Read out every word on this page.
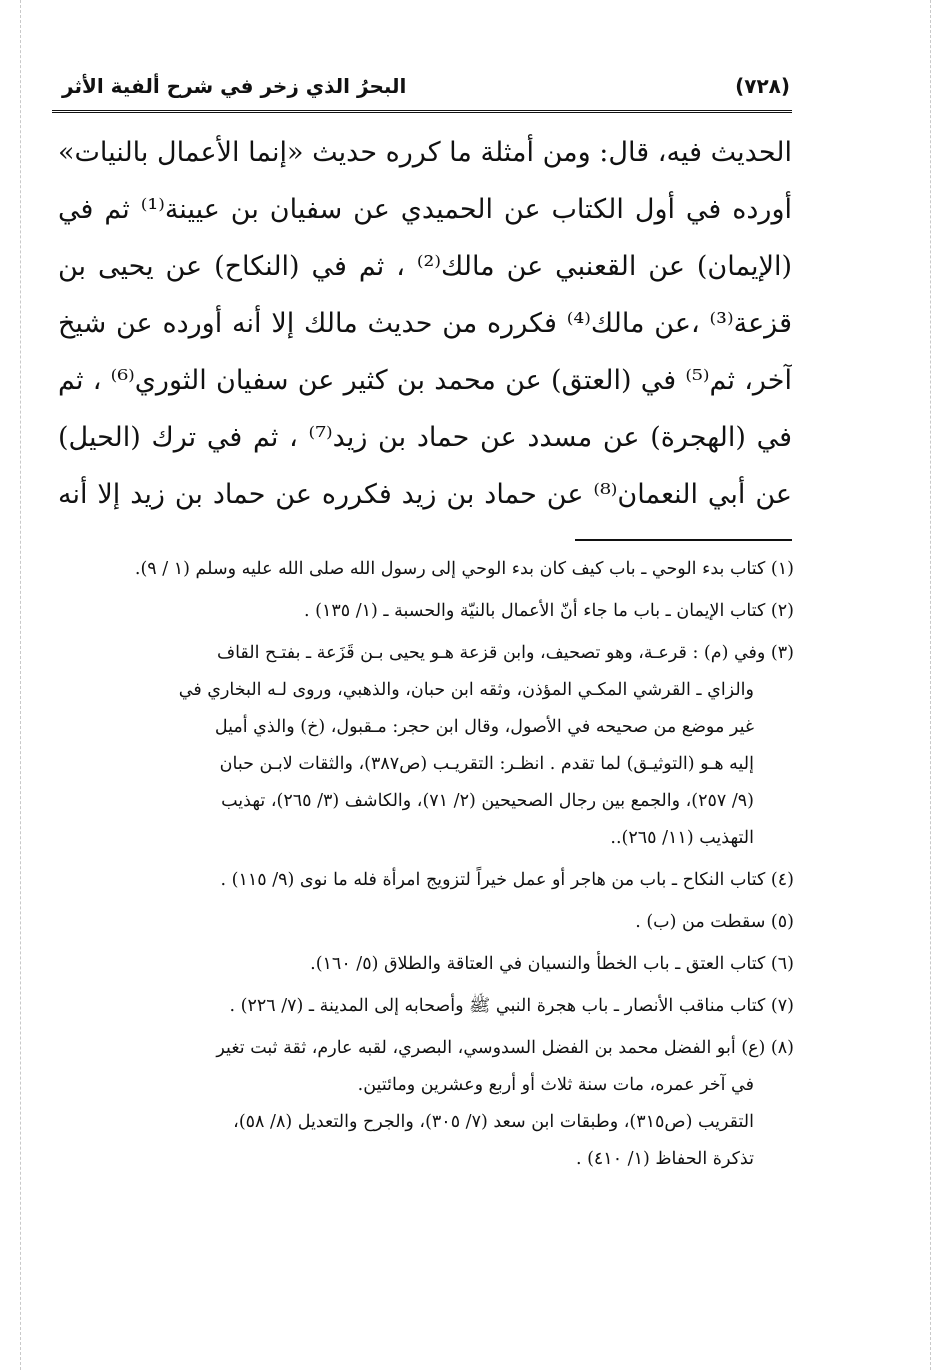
(٧٢٨)
البحرُ الذي زخر في شرح ألفية الأثر
الحديث فيه، قال: ومن أمثلة ما كرره حديث «إنما الأعمال بالنيات»
أورده في أول الكتاب عن الحميدي عن سفيان بن عيينة⁽¹⁾ ثم في
(الإيمان) عن القعنبي عن مالك⁽²⁾ ، ثم في (النكاح) عن يحيى بن
قزعة⁽³⁾ ،عن مالك⁽⁴⁾ فكرره من حديث مالك إلا أنه أورده عن شيخ
آخر، ثم⁽⁵⁾ في (العتق) عن محمد بن كثير عن سفيان الثوري⁽⁶⁾ ، ثم
في (الهجرة) عن مسدد عن حماد بن زيد⁽⁷⁾ ، ثم في ترك (الحيل)
عن أبي النعمان⁽⁸⁾ عن حماد بن زيد فكرره عن حماد بن زيد إلا أنه
(١) كتاب بدء الوحي ـ باب كيف كان بدء الوحي إلى رسول الله صلى الله عليه وسلم (١ / ٩).
(٢) كتاب الإيمان ـ باب ما جاء أنّ الأعمال بالنيّة والحسبة ـ (١/ ١٣٥) .
(٣) وفي (م) : قرعـة، وهو تصحيف، وابن قزعة هـو يحيى بـن قَزَعة ـ بفتـح القاف
والزاي ـ القرشي المكـي المؤذن، وثقه ابن حبان، والذهبي، وروى لـه البخاري في
غير موضع من صحيحه في الأصول، وقال ابن حجر: مـقبول، (خ) والذي أميل
إليه هـو (التوثيـق) لما تقدم . انظـر: التقريـب (ص٣٨٧)، والثقات لابـن حبان
(٩/ ٢٥٧)، والجمع بين رجال الصحيحين (٢/ ٧١)، والكاشف (٣/ ٢٦٥)، تهذيب
التهذيب (١١/ ٢٦٥)..
(٤) كتاب النكاح ـ باب من هاجر أو عمل خيراً لتزويج امرأة فله ما نوى (٩/ ١١٥) .
(٥) سقطت من (ب) .
(٦) كتاب العتق ـ باب الخطأ والنسيان في العتاقة والطلاق (٥/ ١٦٠).
(٧) كتاب مناقب الأنصار ـ باب هجرة النبي ﷺ وأصحابه إلى المدينة ـ (٧/ ٢٢٦) .
(٨) (ع) أبو الفضل محمد بن الفضل السدوسي، البصري، لقبه عارم، ثقة ثبت تغير
في آخر عمره، مات سنة ثلاث أو أربع وعشرين ومائتين.
التقريب (ص٣١٥)، وطبقات ابن سعد (٧/ ٣٠٥)، والجرح والتعديل (٨/ ٥٨)،
تذكرة الحفاظ (١/ ٤١٠) .
